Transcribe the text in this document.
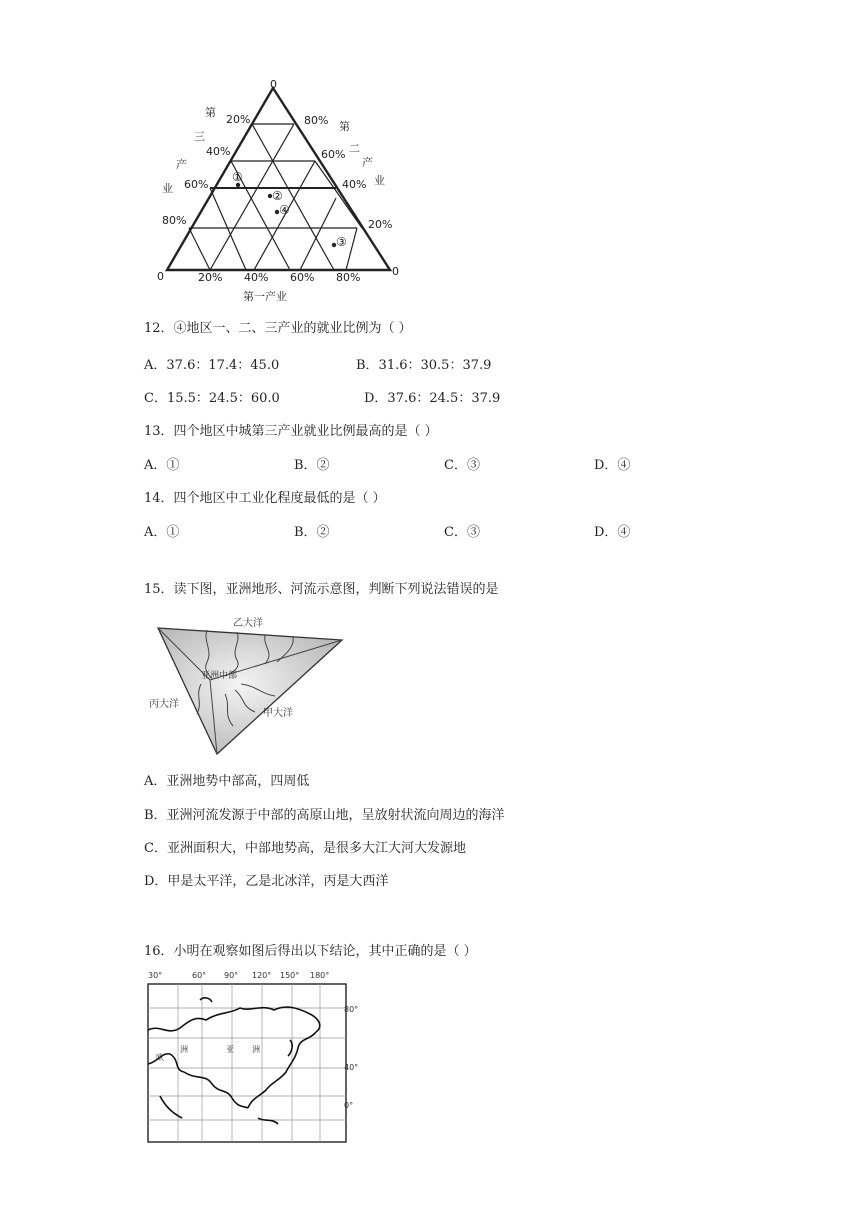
0
0	0
20%
40%
60%
80%
80%
60%
40%
20%
20% 40% 60% 80%
第
三
产
业
第
二
产
业
第一产业
①
②
③
④
12．④地区一、二、三产业的就业比例为（ ）
A．37.6：17.4：45.0	B．31.6：30.5：37.9
C．15.5：24.5：60.0	D．37.6：24.5：37.9
13．四个地区中城第三产业就业比例最高的是（ ）
A．①	B．②	C．③	D．④
14．四个地区中工业化程度最低的是（ ）
A．①	B．②	C．③	D．④
15．读下图，亚洲地形、河流示意图，判断下列说法错误的是
乙大洋
亚洲中部
丙大洋
甲大洋
A．亚洲地势中部高，四周低
B．亚洲河流发源于中部的高原山地，呈放射状流向周边的海洋
C．亚洲面积大，中部地势高，是很多大江大河大发源地
D．甲是太平洋，乙是北冰洋，丙是大西洋
16．小明在观察如图后得出以下结论，其中正确的是（ ）
30°	60° 90° 120° 150° 180°
80°
40°
0°
洲	亚 洲
欧
